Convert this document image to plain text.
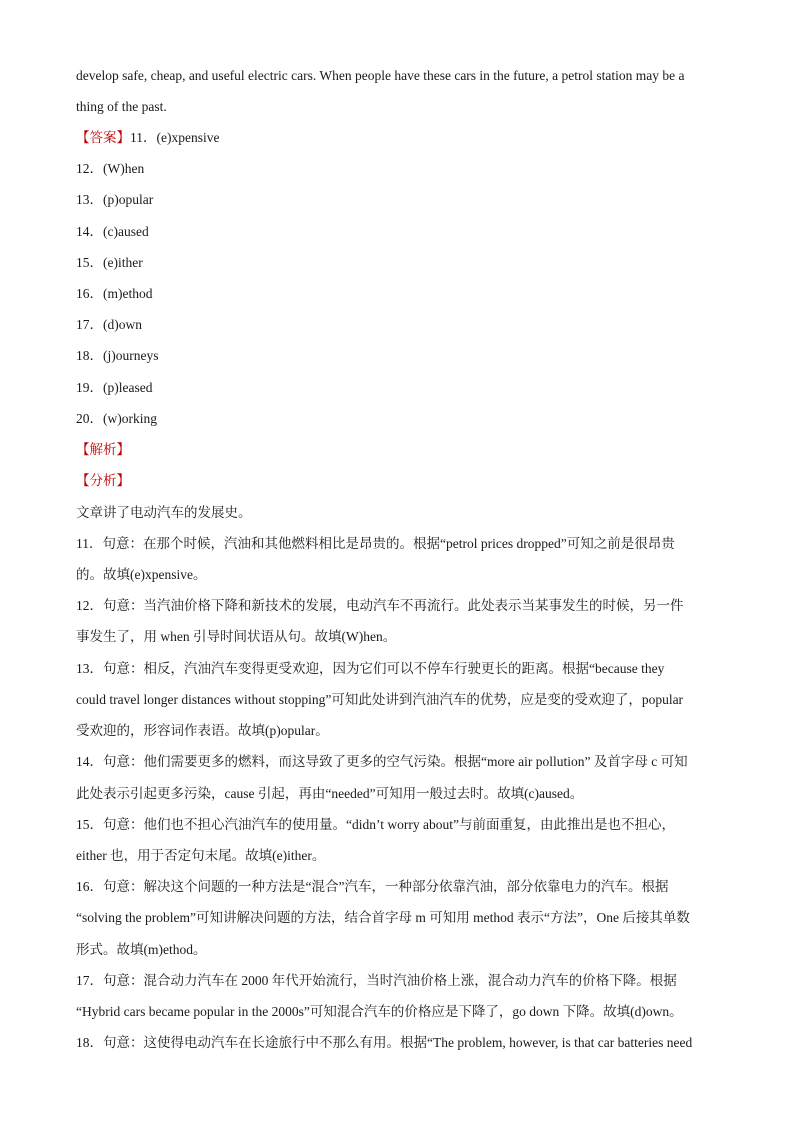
develop safe, cheap, and useful electric cars. When people have these cars in the future, a petrol station may be a
thing of the past.
【答案】11．(e)xpensive
12．(W)hen
13．(p)opular
14．(c)aused
15．(e)ither
16．(m)ethod
17．(d)own
18．(j)ourneys
19．(p)leased
20．(w)orking
【解析】
【分析】
文章讲了电动汽车的发展史。
11．句意：在那个时候，汽油和其他燃料相比是昂贵的。根据“petrol prices dropped”可知之前是很昂贵
的。故填(e)xpensive。
12．句意：当汽油价格下降和新技术的发展，电动汽车不再流行。此处表示当某事发生的时候，另一件
事发生了，用 when 引导时间状语从句。故填(W)hen。
13．句意：相反，汽油汽车变得更受欢迎，因为它们可以不停车行驶更长的距离。根据“because they
could travel longer distances without stopping”可知此处讲到汽油汽车的优势，应是变的受欢迎了，popular
受欢迎的，形容词作表语。故填(p)opular。
14．句意：他们需要更多的燃料，而这导致了更多的空气污染。根据“more air pollution” 及首字母 c 可知
此处表示引起更多污染，cause 引起，再由“needed”可知用一般过去时。故填(c)aused。
15．句意：他们也不担心汽油汽车的使用量。“didn’t worry about”与前面重复，由此推出是也不担心，
either 也，用于否定句末尾。故填(e)ither。
16．句意：解决这个问题的一种方法是“混合”汽车，一种部分依靠汽油，部分依靠电力的汽车。根据
“solving the problem”可知讲解决问题的方法，结合首字母 m 可知用 method 表示“方法”，One 后接其单数
形式。故填(m)ethod。
17．句意：混合动力汽车在 2000 年代开始流行，当时汽油价格上涨，混合动力汽车的价格下降。根据
“Hybrid cars became popular in the 2000s”可知混合汽车的价格应是下降了，go down 下降。故填(d)own。
18．句意：这使得电动汽车在长途旅行中不那么有用。根据“The problem, however, is that car batteries need
